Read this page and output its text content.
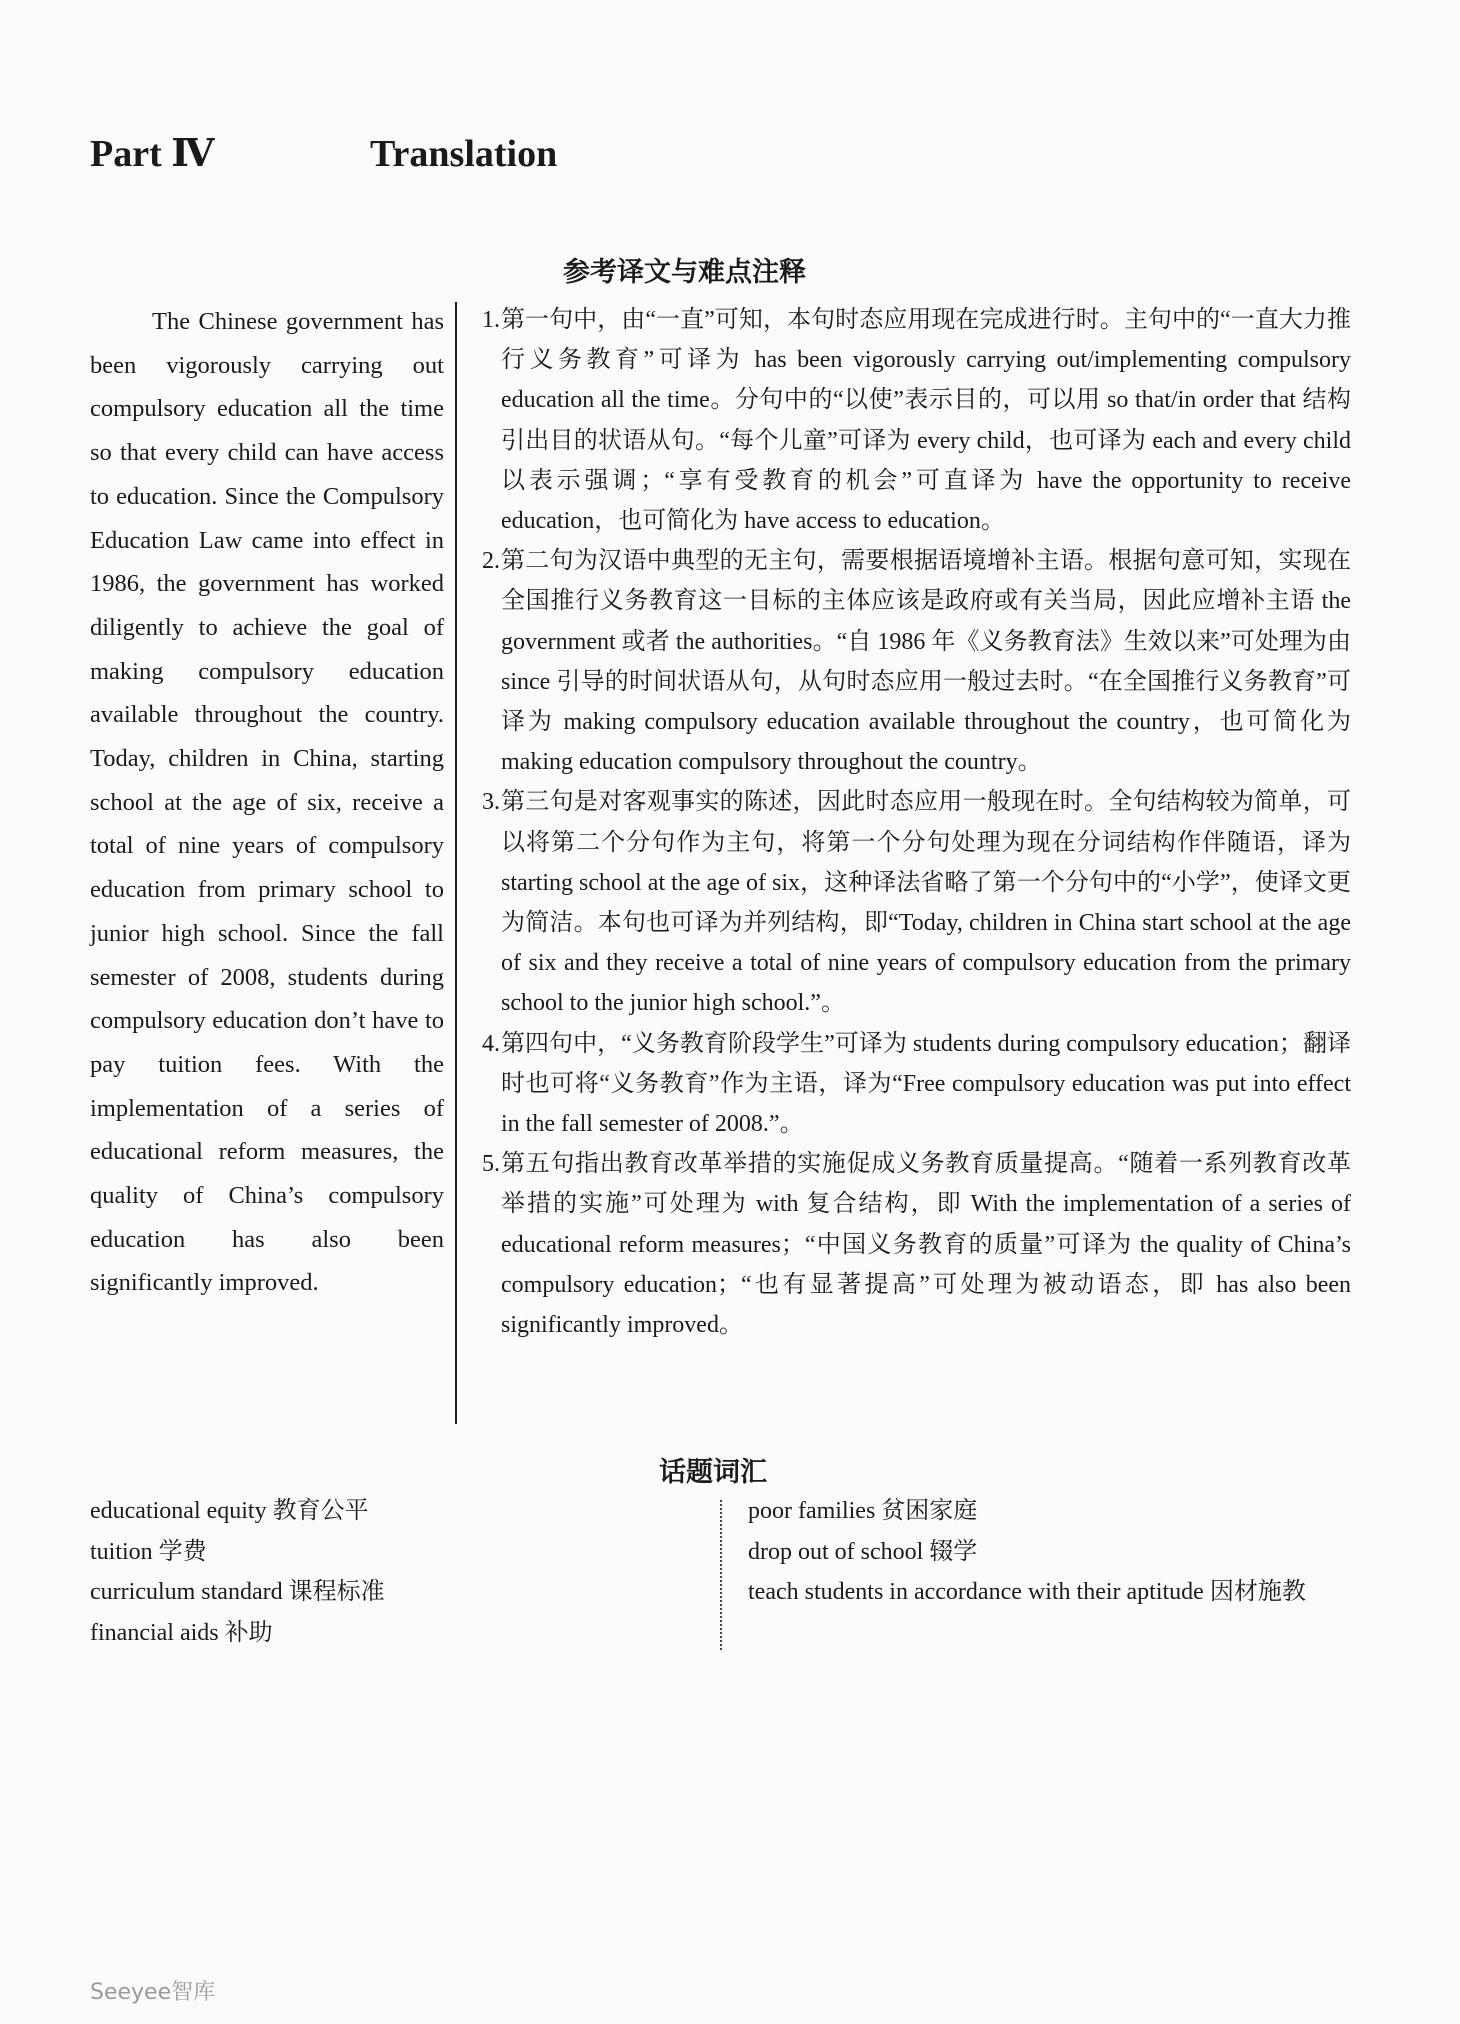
Part Ⅳ	Translation
参考译文与难点注释

The Chinese government has been vigorously carrying out compulsory education all the time so that every child can have access to education. Since the Compulsory Education Law came into effect in 1986, the government has worked diligently to achieve the goal of making compulsory education available throughout the country. Today, children in China, starting school at the age of six, receive a total of nine years of compulsory education from primary school to junior high school. Since the fall semester of 2008, students during compulsory education don’t have to pay tuition fees. With the implementation of a series of educational reform measures, the quality of China’s compulsory education has also been significantly improved.

1. 第一句中，由“一直”可知，本句时态应用现在完成进行时。主句中的“一直大力推行义务教育”可译为 has been vigorously carrying out/implementing compulsory education all the time。分句中的“以使”表示目的，可以用 so that/in order that 结构引出目的状语从句。“每个儿童”可译为 every child，也可译为 each and every child 以表示强调；“享有受教育的机会”可直译为 have the opportunity to receive education，也可简化为 have access to education。
2. 第二句为汉语中典型的无主句，需要根据语境增补主语。根据句意可知，实现在全国推行义务教育这一目标的主体应该是政府或有关当局，因此应增补主语 the government 或者 the authorities。“自 1986 年《义务教育法》生效以来”可处理为由 since 引导的时间状语从句，从句时态应用一般过去时。“在全国推行义务教育”可译为 making compulsory education available throughout the country，也可简化为 making education compulsory throughout the country。
3. 第三句是对客观事实的陈述，因此时态应用一般现在时。全句结构较为简单，可以将第二个分句作为主句，将第一个分句处理为现在分词结构作伴随语，译为 starting school at the age of six，这种译法省略了第一个分句中的“小学”，使译文更为简洁。本句也可译为并列结构，即“Today, children in China start school at the age of six and they receive a total of nine years of compulsory education from the primary school to the junior high school.”。
4. 第四句中，“义务教育阶段学生”可译为 students during compulsory education；翻译时也可将“义务教育”作为主语，译为“Free compulsory education was put into effect in the fall semester of 2008.”。
5. 第五句指出教育改革举措的实施促成义务教育质量提高。“随着一系列教育改革举措的实施”可处理为 with 复合结构，即 With the implementation of a series of educational reform measures；“中国义务教育的质量”可译为 the quality of China’s compulsory education；“也有显著提高”可处理为被动语态，即 has also been significantly improved。
话题词汇
educational equity 教育公平
tuition 学费
curriculum standard 课程标准
financial aids 补助
poor families 贫困家庭
drop out of school 辍学
teach students in accordance with their aptitude 因材施教
Seeyee智库
